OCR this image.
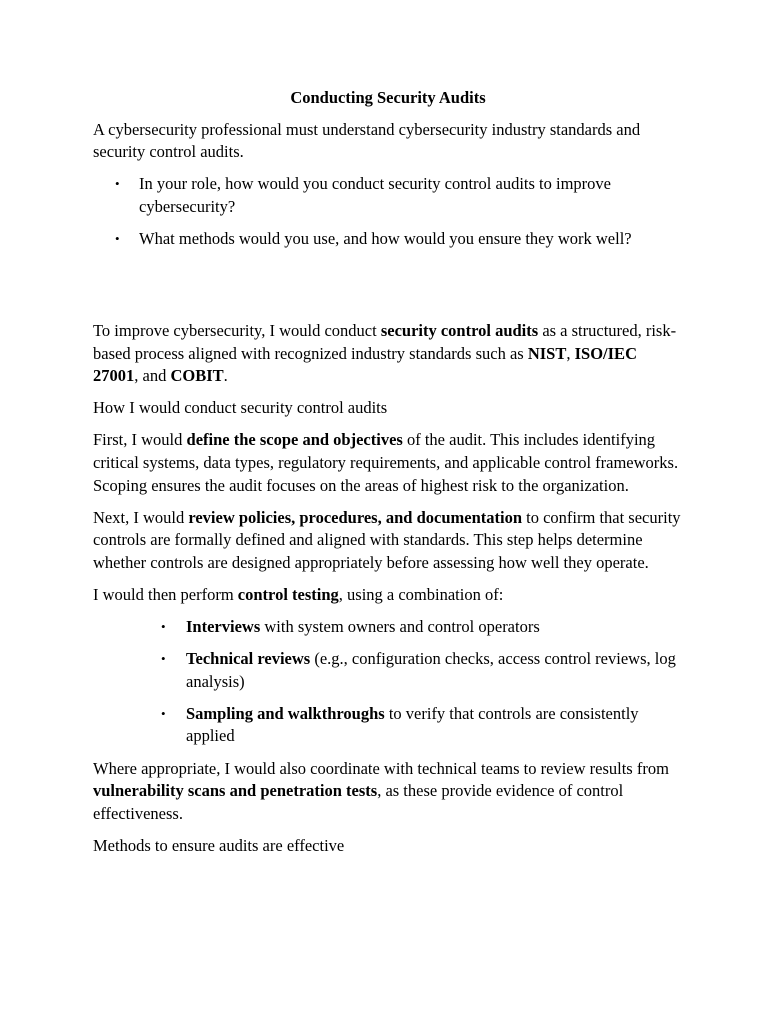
Conducting Security Audits

A cybersecurity professional must understand cybersecurity industry standards and security control audits.

• In your role, how would you conduct security control audits to improve cybersecurity?
• What methods would you use, and how would you ensure they work well?

To improve cybersecurity, I would conduct security control audits as a structured, risk-based process aligned with recognized industry standards such as NIST, ISO/IEC 27001, and COBIT.

How I would conduct security control audits

First, I would define the scope and objectives of the audit. This includes identifying critical systems, data types, regulatory requirements, and applicable control frameworks. Scoping ensures the audit focuses on the areas of highest risk to the organization.

Next, I would review policies, procedures, and documentation to confirm that security controls are formally defined and aligned with standards. This step helps determine whether controls are designed appropriately before assessing how well they operate.

I would then perform control testing, using a combination of:

• Interviews with system owners and control operators
• Technical reviews (e.g., configuration checks, access control reviews, log analysis)
• Sampling and walkthroughs to verify that controls are consistently applied

Where appropriate, I would also coordinate with technical teams to review results from vulnerability scans and penetration tests, as these provide evidence of control effectiveness.

Methods to ensure audits are effective
